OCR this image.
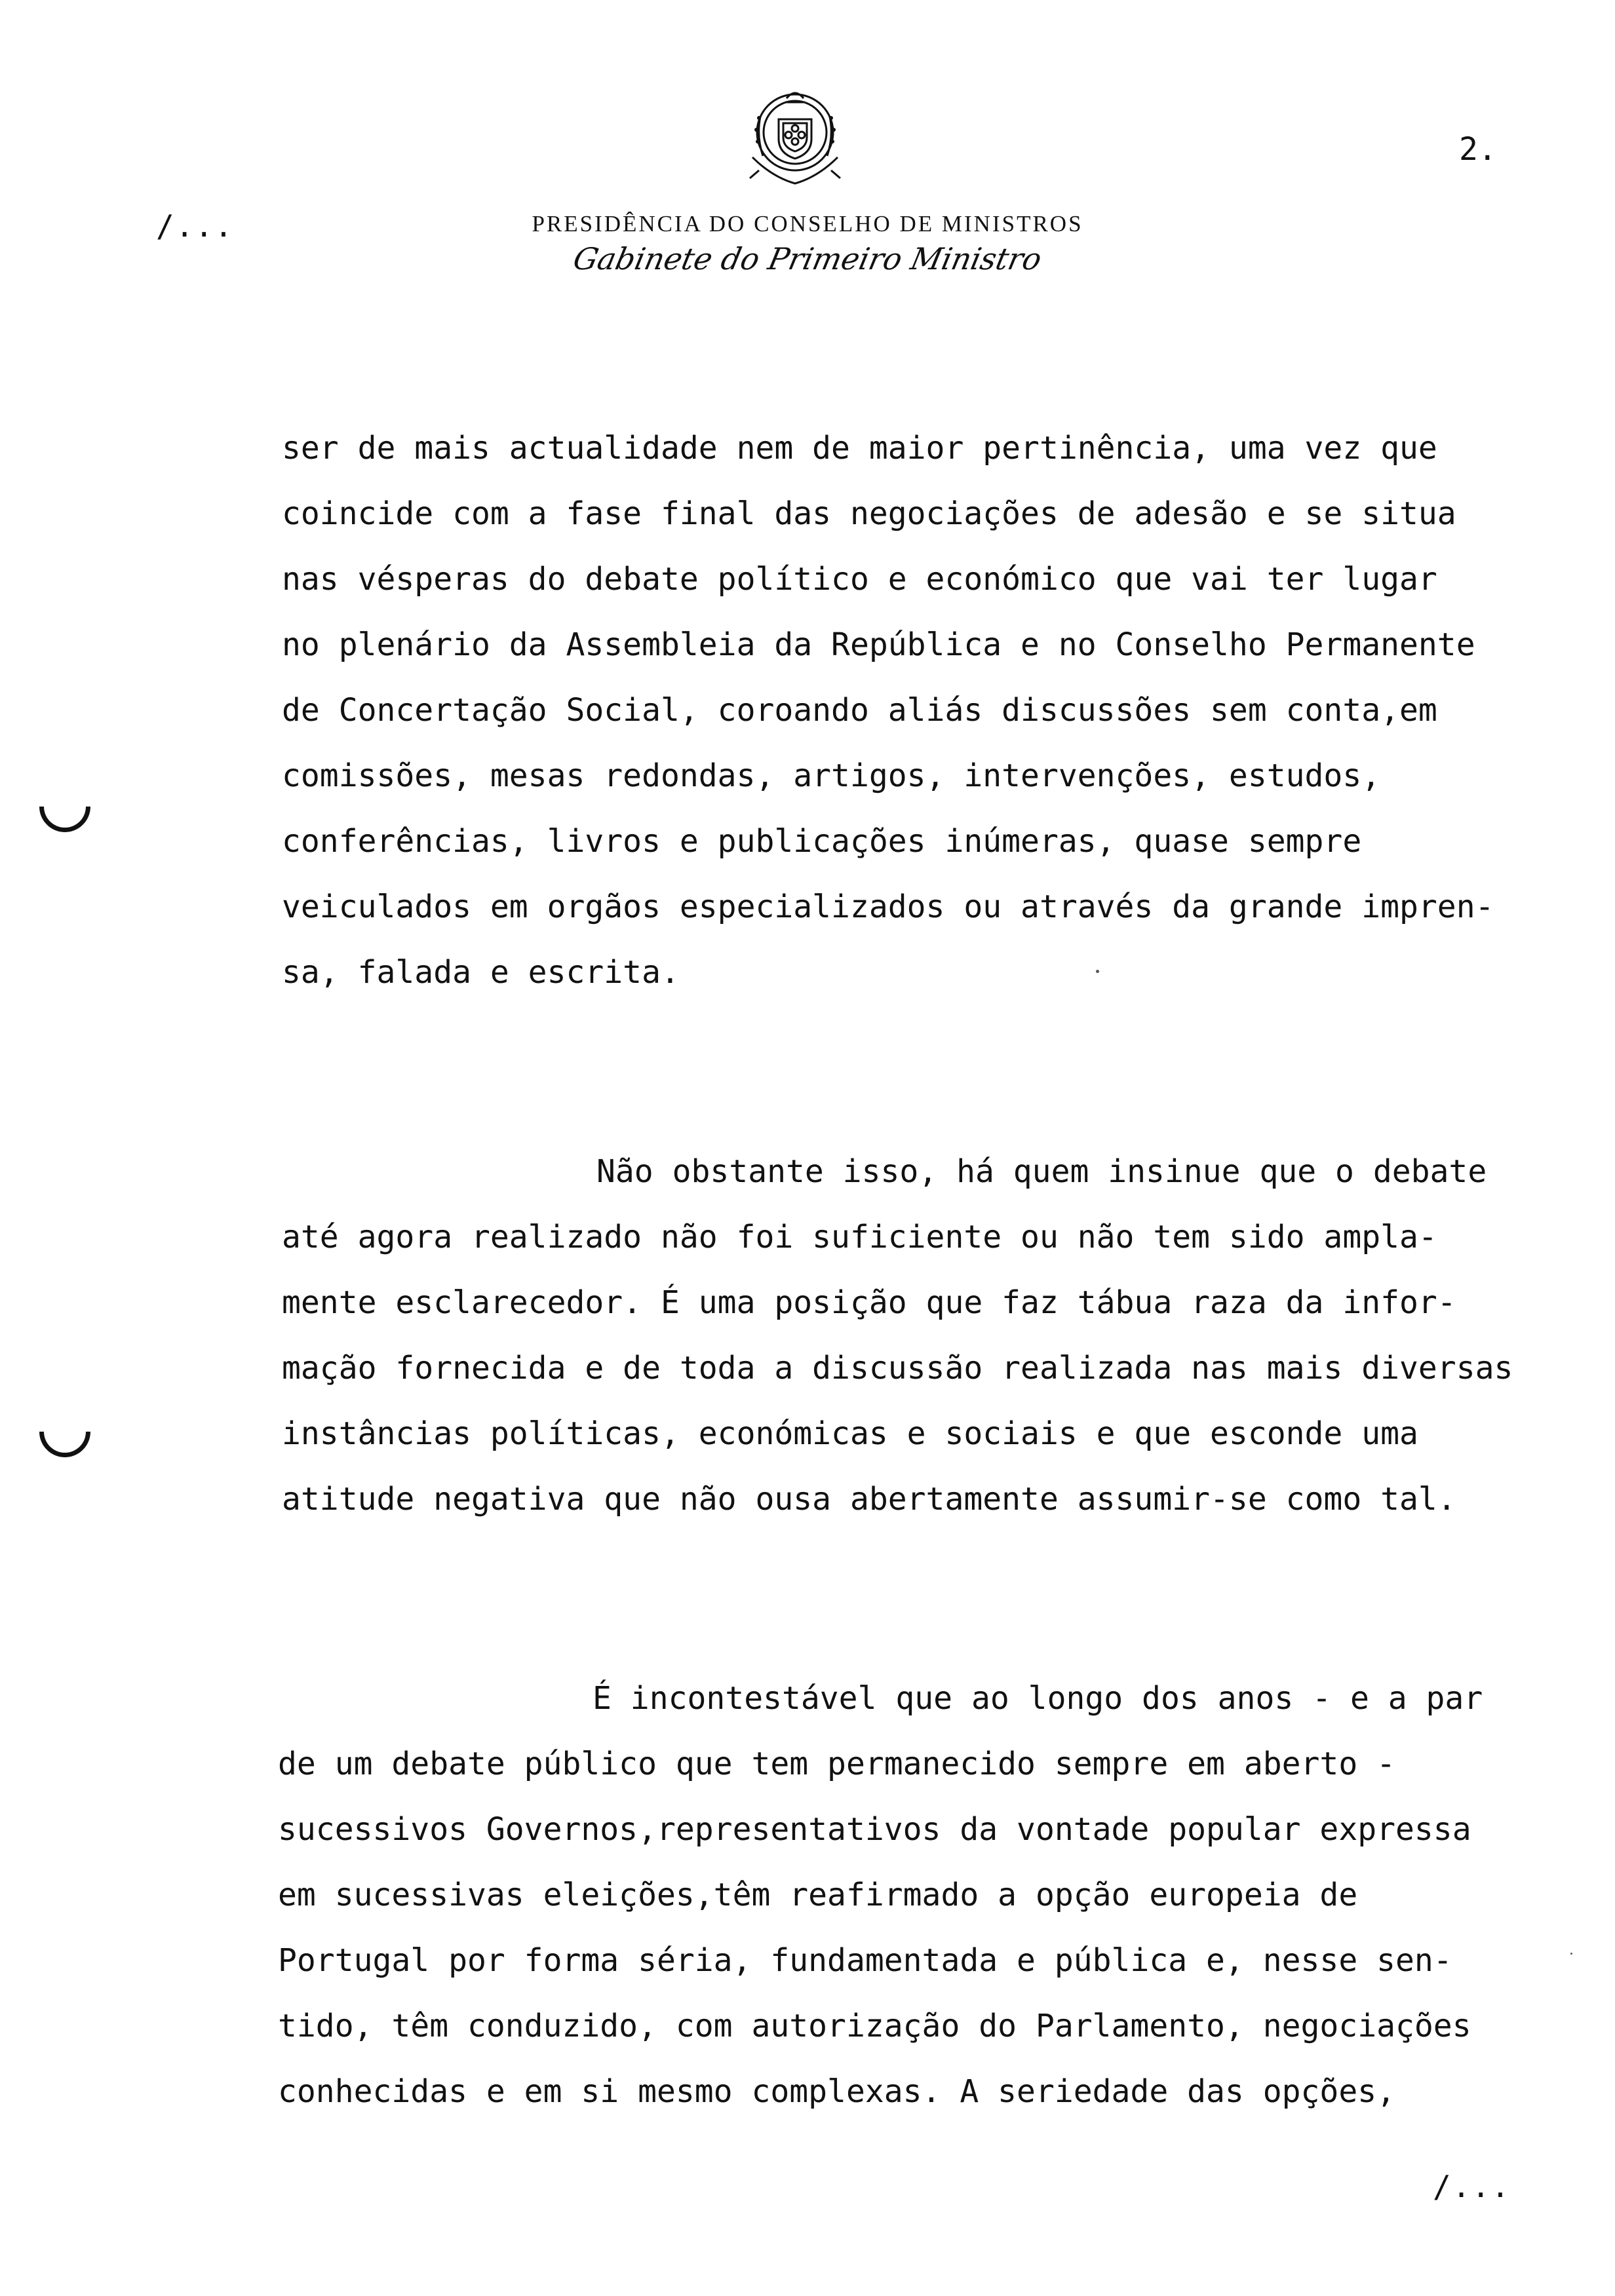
/...
2.
PRESIDÊNCIA DO CONSELHO DE MINISTROS
Gabinete do Primeiro Ministro

ser de mais actualidade nem de maior pertinência, uma vez que
coincide com a fase final das negociações de adesão e se situa
nas vésperas do debate político e económico que vai ter lugar
no plenário da Assembleia da República e no Conselho Permanente
de Concertação Social, coroando aliás discussões sem conta,em
comissões, mesas redondas, artigos, intervenções, estudos,
conferências, livros e publicações inúmeras, quase sempre
veiculados em orgãos especializados ou através da grande impren-
sa, falada e escrita.

Não obstante isso, há quem insinue que o debate
até agora realizado não foi suficiente ou não tem sido ampla-
mente esclarecedor. É uma posição que faz tábua raza da infor-
mação fornecida e de toda a discussão realizada nas mais diversas
instâncias políticas, económicas e sociais e que esconde uma
atitude negativa que não ousa abertamente assumir-se como tal.

É incontestável que ao longo dos anos - e a par
de um debate público que tem permanecido sempre em aberto -
sucessivos Governos,representativos da vontade popular expressa
em sucessivas eleições,têm reafirmado a opção europeia de
Portugal por forma séria, fundamentada e pública e, nesse sen-
tido, têm conduzido, com autorização do Parlamento, negociações
conhecidas e em si mesmo complexas. A seriedade das opções,

/...
